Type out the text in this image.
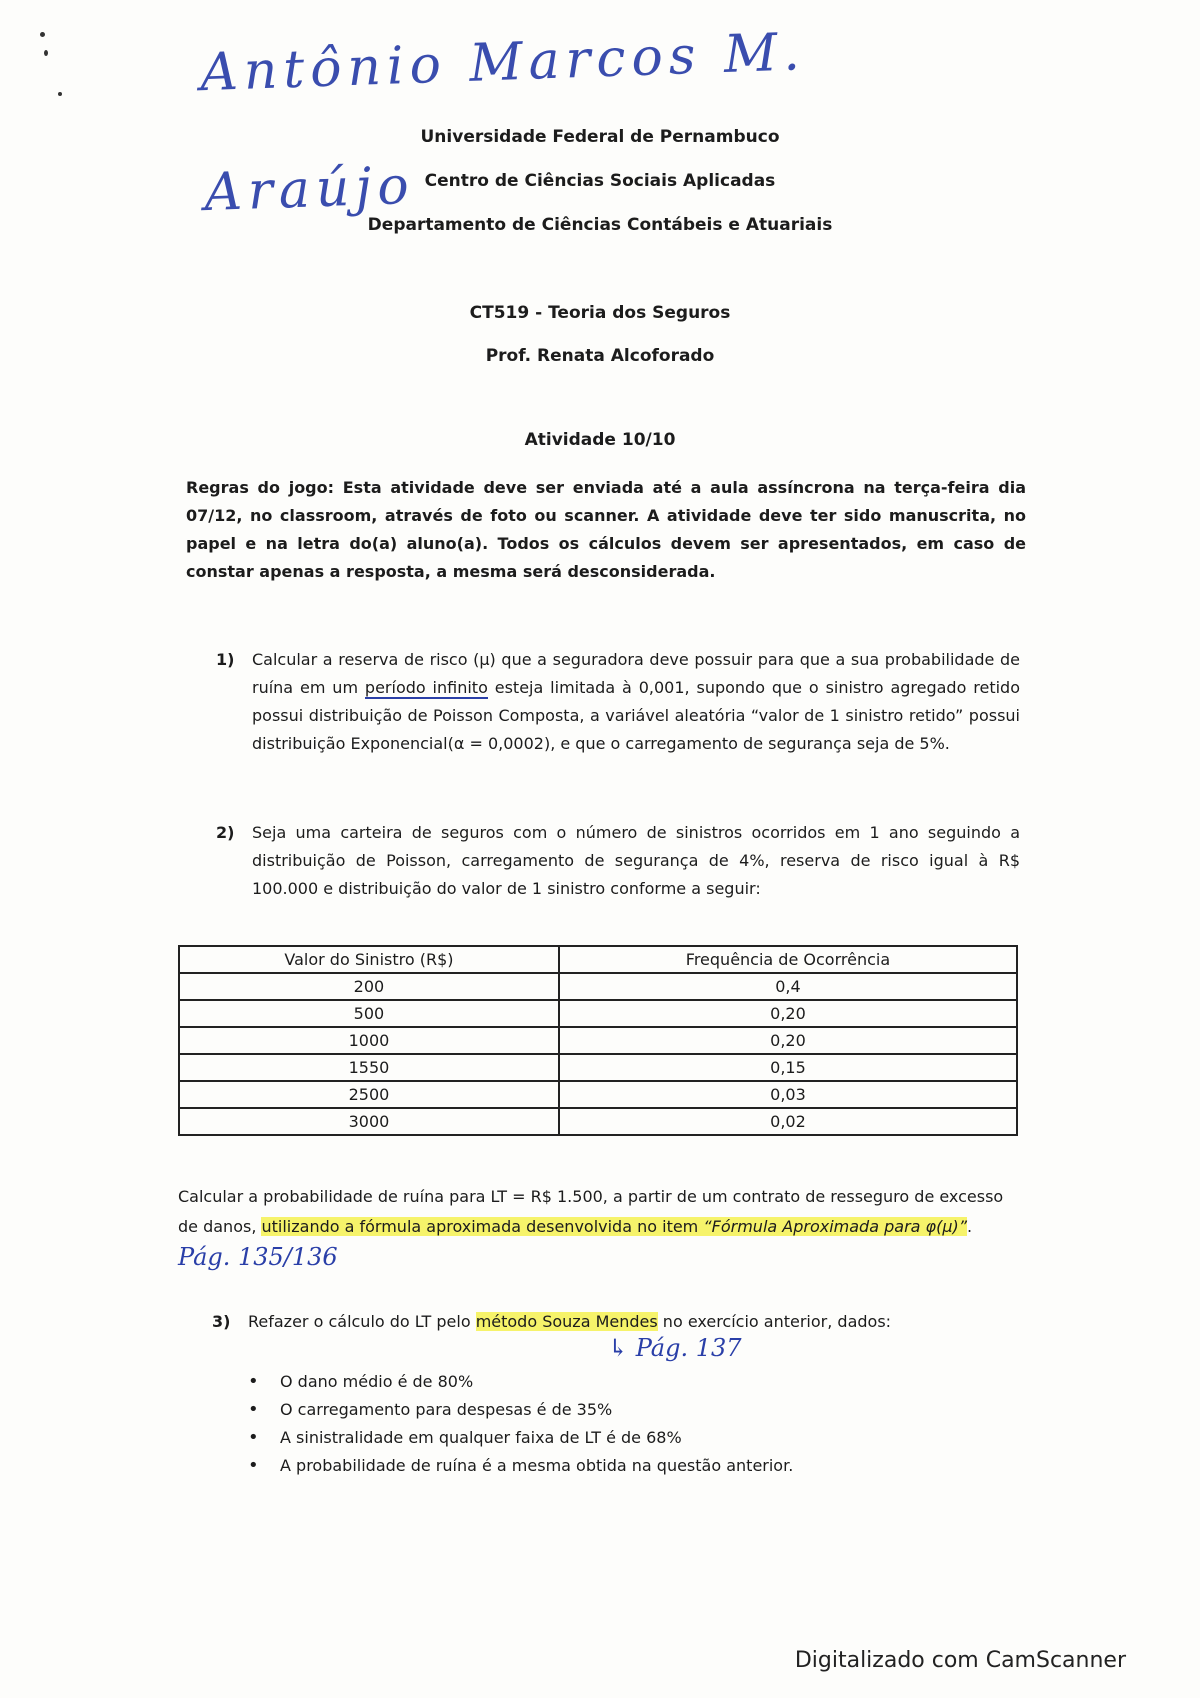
Antônio Marcos M. Araújo
Universidade Federal de Pernambuco
Centro de Ciências Sociais Aplicadas
Departamento de Ciências Contábeis e Atuariais
CT519 - Teoria dos Seguros
Prof. Renata Alcoforado
Atividade 10/10
Regras do jogo: Esta atividade deve ser enviada até a aula assíncrona na terça-feira dia 07/12, no classroom, através de foto ou scanner. A atividade deve ter sido manuscrita, no papel e na letra do(a) aluno(a). Todos os cálculos devem ser apresentados, em caso de constar apenas a resposta, a mesma será desconsiderada.
1) Calcular a reserva de risco (μ) que a seguradora deve possuir para que a sua probabilidade de ruína em um período infinito esteja limitada à 0,001, supondo que o sinistro agregado retido possui distribuição de Poisson Composta, a variável aleatória “valor de 1 sinistro retido” possui distribuição Exponencial(α = 0,0002), e que o carregamento de segurança seja de 5%.
2) Seja uma carteira de seguros com o número de sinistros ocorridos em 1 ano seguindo a distribuição de Poisson, carregamento de segurança de 4%, reserva de risco igual à R$ 100.000 e distribuição do valor de 1 sinistro conforme a seguir:
Valor do Sinistro (R$)	Frequência de Ocorrência
200	0,4
500	0,20
1000	0,20
1550	0,15
2500	0,03
3000	0,02
Calcular a probabilidade de ruína para LT = R$ 1.500, a partir de um contrato de resseguro de excesso de danos, utilizando a fórmula aproximada desenvolvida no item “Fórmula Aproximada para φ(μ)”. Pág. 135/136
3) Refazer o cálculo do LT pelo método Souza Mendes no exercício anterior, dados:
↳ Pág. 137
• O dano médio é de 80%
• O carregamento para despesas é de 35%
• A sinistralidade em qualquer faixa de LT é de 68%
• A probabilidade de ruína é a mesma obtida na questão anterior.
Digitalizado com CamScanner
